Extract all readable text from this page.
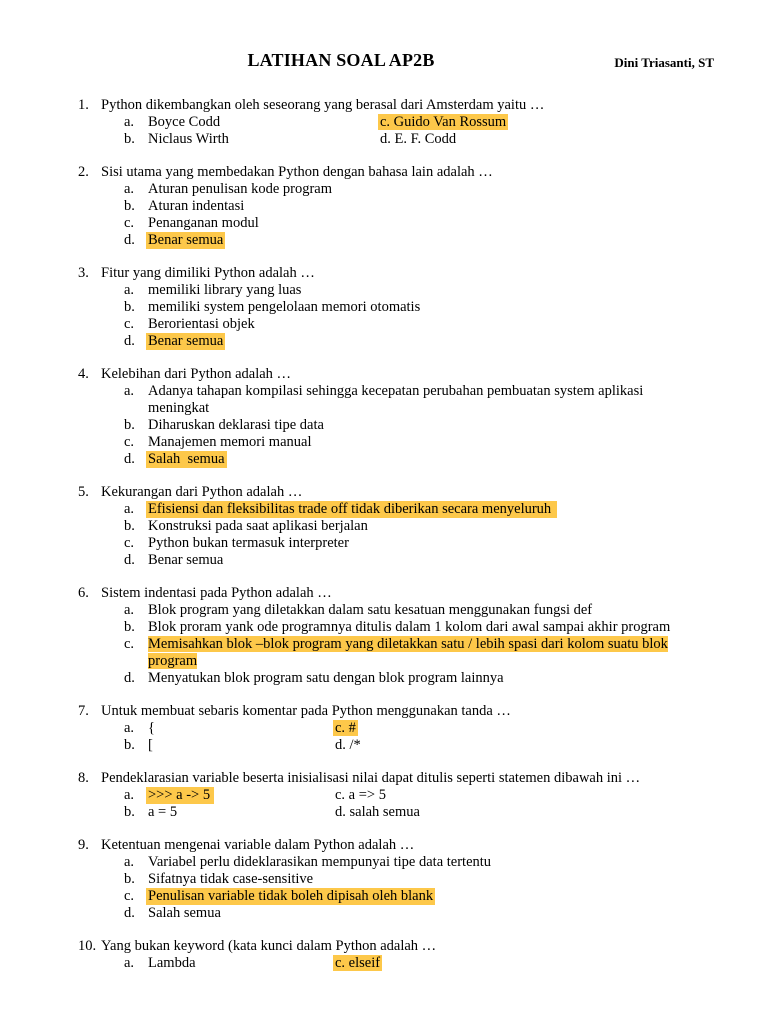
LATIHAN SOAL AP2B	Dini Triasanti, ST
1. Python dikembangkan oleh seseorang yang berasal dari Amsterdam yaitu …
a. Boyce Codd	c. Guido Van Rossum
b. Niclaus Wirth	d. E. F. Codd
2. Sisi utama yang membedakan Python dengan bahasa lain adalah …
a. Aturan penulisan kode program
b. Aturan indentasi
c. Penanganan modul
d. Benar semua
3. Fitur yang dimiliki Python adalah …
a. memiliki library yang luas
b. memiliki system pengelolaan memori otomatis
c. Berorientasi objek
d. Benar semua
4. Kelebihan dari Python adalah …
a. Adanya tahapan kompilasi sehingga kecepatan perubahan pembuatan system aplikasi meningkat
b. Diharuskan deklarasi tipe data
c. Manajemen memori manual
d. Salah  semua
5. Kekurangan dari Python adalah …
a. Efisiensi dan fleksibilitas trade off tidak diberikan secara menyeluruh
b. Konstruksi pada saat aplikasi berjalan
c. Python bukan termasuk interpreter
d. Benar semua
6. Sistem indentasi pada Python adalah …
a. Blok program yang diletakkan dalam satu kesatuan menggunakan fungsi def
b. Blok proram yank ode programnya ditulis dalam 1 kolom dari awal sampai akhir program
c. Memisahkan blok –blok program yang diletakkan satu / lebih spasi dari kolom suatu blok program
d. Menyatukan blok program satu dengan blok program lainnya
7. Untuk membuat sebaris komentar pada Python menggunakan tanda …
a. {	c. #
b. [	d. /*
8. Pendeklarasian variable beserta inisialisasi nilai dapat ditulis seperti statemen dibawah ini …
a. >>> a -> 5	c. a => 5
b. a = 5	d. salah semua
9. Ketentuan mengenai variable dalam Python adalah …
a. Variabel perlu dideklarasikan mempunyai tipe data tertentu
b. Sifatnya tidak case-sensitive
c. Penulisan variable tidak boleh dipisah oleh blank
d. Salah semua
10. Yang bukan keyword (kata kunci dalam Python adalah …
a. Lambda	c. elseif
